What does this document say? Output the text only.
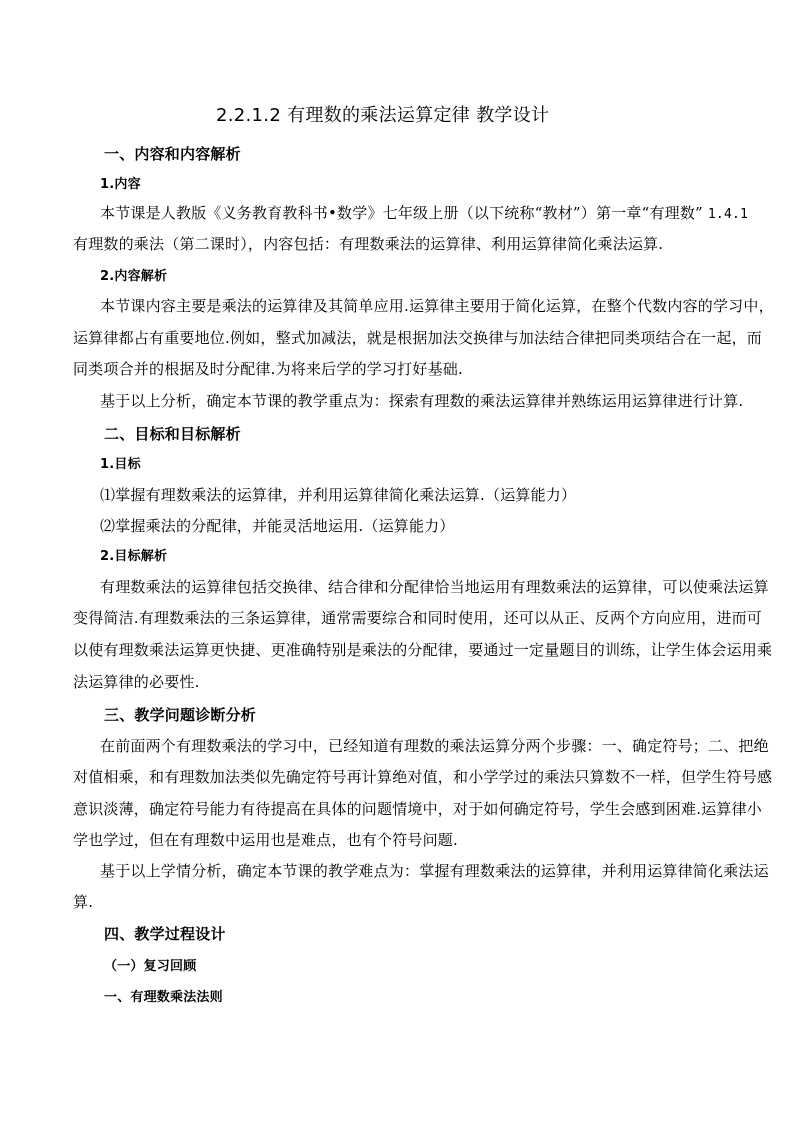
2.2.1.2 有理数的乘法运算定律 教学设计
一、内容和内容解析
1.内容
本节课是人教版《义务教育教科书•数学》七年级上册（以下统称“教材”）第一章“有理数” 1.4.1
有理数的乘法（第二课时），内容包括：有理数乘法的运算律、利用运算律简化乘法运算.
2.内容解析
本节课内容主要是乘法的运算律及其简单应用.运算律主要用于简化运算，在整个代数内容的学习中，
运算律都占有重要地位.例如，整式加减法，就是根据加法交换律与加法结合律把同类项结合在一起，而
同类项合并的根据及时分配律.为将来后学的学习打好基础.
基于以上分析，确定本节课的教学重点为：探索有理数的乘法运算律并熟练运用运算律进行计算.
二、目标和目标解析
1.目标
⑴掌握有理数乘法的运算律，并利用运算律简化乘法运算.（运算能力）
⑵掌握乘法的分配律，并能灵活地运用.（运算能力）
2.目标解析
有理数乘法的运算律包括交换律、结合律和分配律恰当地运用有理数乘法的运算律，可以使乘法运算
变得简洁.有理数乘法的三条运算律，通常需要综合和同时使用，还可以从正、反两个方向应用，进而可
以使有理数乘法运算更快捷、更准确特别是乘法的分配律，要通过一定量题目的训练，让学生体会运用乘
法运算律的必要性.
三、教学问题诊断分析
在前面两个有理数乘法的学习中，已经知道有理数的乘法运算分两个步骤：一、确定符号；二、把绝
对值相乘，和有理数加法类似先确定符号再计算绝对值，和小学学过的乘法只算数不一样，但学生符号感
意识淡薄，确定符号能力有待提高在具体的问题情境中，对于如何确定符号，学生会感到困难.运算律小
学也学过，但在有理数中运用也是难点，也有个符号问题.
基于以上学情分析，确定本节课的教学难点为：掌握有理数乘法的运算律，并利用运算律简化乘法运
算.
四、教学过程设计
（一）复习回顾
一、有理数乘法法则
